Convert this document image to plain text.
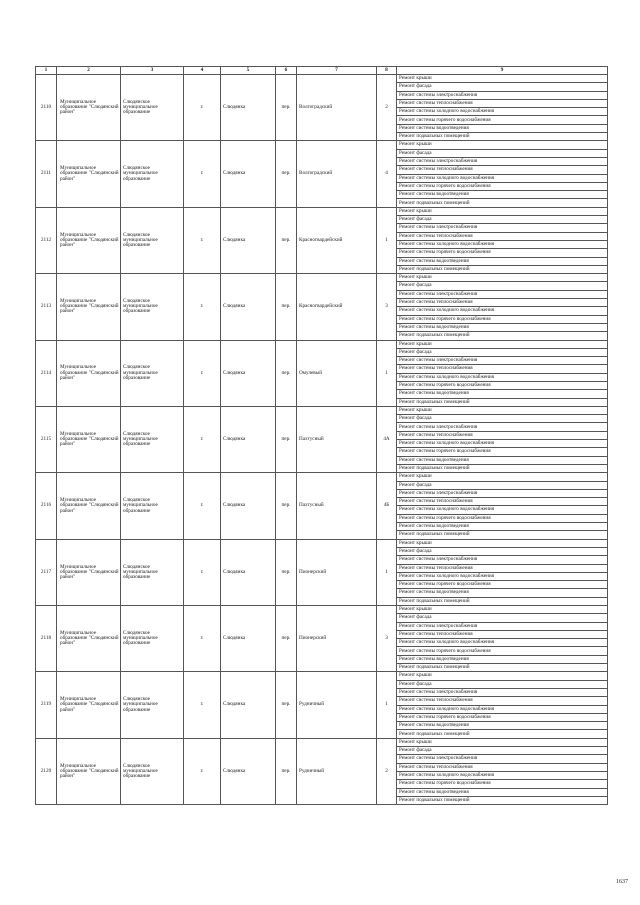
1	2	3	4	5	6	7	8	9
2110	Муниципальное образование "Слюдянский район"	Слюдянское муниципальное образование	г.	Слюдянка	пер.	Волгоградский	2	Ремонт крыши
								Ремонт фасада
								Ремонт системы электроснабжения
								Ремонт системы теплоснабжения
								Ремонт системы холодного водоснабжения
								Ремонт системы горячего водоснабжения
								Ремонт системы водоотведения
								Ремонт подвальных помещений
2111	Муниципальное образование "Слюдянский район"	Слюдянское муниципальное образование	г.	Слюдянка	пер.	Волгоградский	4	Ремонт крыши
								Ремонт фасада
								Ремонт системы электроснабжения
								Ремонт системы теплоснабжения
								Ремонт системы холодного водоснабжения
								Ремонт системы горячего водоснабжения
								Ремонт системы водоотведения
								Ремонт подвальных помещений
2112	Муниципальное образование "Слюдянский район"	Слюдянское муниципальное образование	г.	Слюдянка	пер.	Красногвардейский	1	Ремонт крыши
								Ремонт фасада
								Ремонт системы электроснабжения
								Ремонт системы теплоснабжения
								Ремонт системы холодного водоснабжения
								Ремонт системы горячего водоснабжения
								Ремонт системы водоотведения
								Ремонт подвальных помещений
2113	Муниципальное образование "Слюдянский район"	Слюдянское муниципальное образование	г.	Слюдянка	пер.	Красногвардейский	3	Ремонт крыши
								Ремонт фасада
								Ремонт системы электроснабжения
								Ремонт системы теплоснабжения
								Ремонт системы холодного водоснабжения
								Ремонт системы горячего водоснабжения
								Ремонт системы водоотведения
								Ремонт подвальных помещений
2114	Муниципальное образование "Слюдянский район"	Слюдянское муниципальное образование	г.	Слюдянка	пер.	Омулевый	1	Ремонт крыши
								Ремонт фасада
								Ремонт системы электроснабжения
								Ремонт системы теплоснабжения
								Ремонт системы холодного водоснабжения
								Ремонт системы горячего водоснабжения
								Ремонт системы водоотведения
								Ремонт подвальных помещений
2115	Муниципальное образование "Слюдянский район"	Слюдянское муниципальное образование	г.	Слюдянка	пер.	Пахтусный	4А	Ремонт крыши
								Ремонт фасада
								Ремонт системы электроснабжения
								Ремонт системы теплоснабжения
								Ремонт системы холодного водоснабжения
								Ремонт системы горячего водоснабжения
								Ремонт системы водоотведения
								Ремонт подвальных помещений
2116	Муниципальное образование "Слюдянский район"	Слюдянское муниципальное образование	г.	Слюдянка	пер.	Пахтусный	4Б	Ремонт крыши
								Ремонт фасада
								Ремонт системы электроснабжения
								Ремонт системы теплоснабжения
								Ремонт системы холодного водоснабжения
								Ремонт системы горячего водоснабжения
								Ремонт системы водоотведения
								Ремонт подвальных помещений
2117	Муниципальное образование "Слюдянский район"	Слюдянское муниципальное образование	г.	Слюдянка	пер.	Пионерский	1	Ремонт крыши
								Ремонт фасада
								Ремонт системы электроснабжения
								Ремонт системы теплоснабжения
								Ремонт системы холодного водоснабжения
								Ремонт системы горячего водоснабжения
								Ремонт системы водоотведения
								Ремонт подвальных помещений
2118	Муниципальное образование "Слюдянский район"	Слюдянское муниципальное образование	г.	Слюдянка	пер.	Пионерский	3	Ремонт крыши
								Ремонт фасада
								Ремонт системы электроснабжения
								Ремонт системы теплоснабжения
								Ремонт системы холодного водоснабжения
								Ремонт системы горячего водоснабжения
								Ремонт системы водоотведения
								Ремонт подвальных помещений
2119	Муниципальное образование "Слюдянский район"	Слюдянское муниципальное образование	г.	Слюдянка	пер.	Рудничный	1	Ремонт крыши
								Ремонт фасада
								Ремонт системы электроснабжения
								Ремонт системы теплоснабжения
								Ремонт системы холодного водоснабжения
								Ремонт системы горячего водоснабжения
								Ремонт системы водоотведения
								Ремонт подвальных помещений
2120	Муниципальное образование "Слюдянский район"	Слюдянское муниципальное образование	г.	Слюдянка	пер.	Рудничный	2	Ремонт крыши
								Ремонт фасада
								Ремонт системы электроснабжения
								Ремонт системы теплоснабжения
								Ремонт системы холодного водоснабжения
								Ремонт системы горячего водоснабжения
								Ремонт системы водоотведения
								Ремонт подвальных помещений
1637
